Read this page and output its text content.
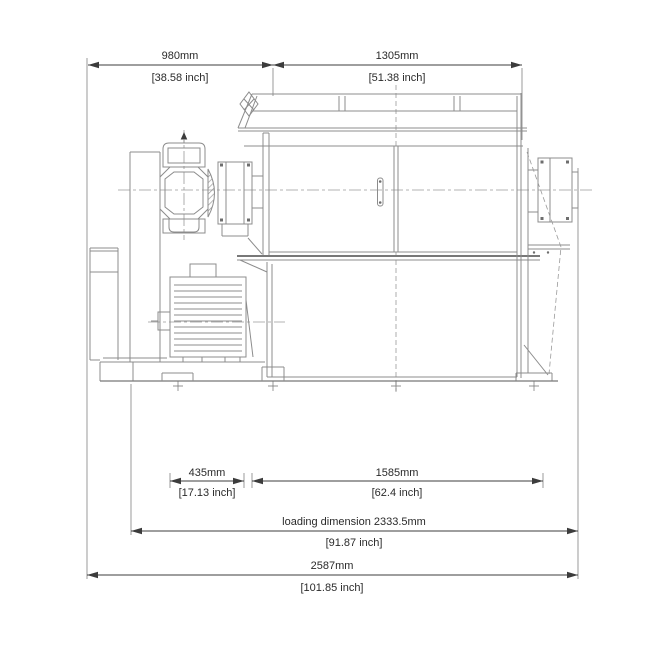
980mm
[38.58 inch]
1305mm
[51.38 inch]
435mm
[17.13 inch]
1585mm
[62.4 inch]
loading dimension 2333.5mm
[91.87 inch]
2587mm
[101.85 inch]
